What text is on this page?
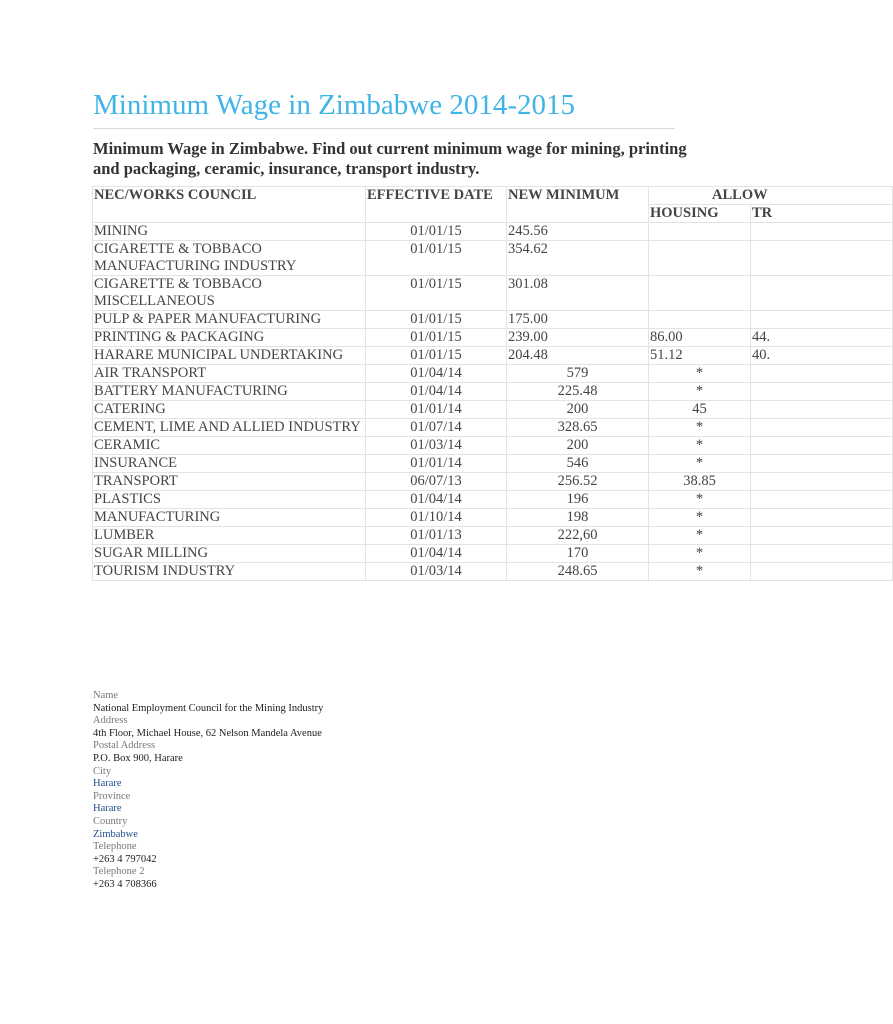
Minimum Wage in Zimbabwe 2014-2015

Minimum Wage in Zimbabwe. Find out current minimum wage for mining, printing and packaging, ceramic, insurance, transport industry.

NEC/WORKS COUNCIL	EFFECTIVE DATE	NEW MINIMUM	ALLOW	
			HOUSING	TR
MINING	01/01/15	245.56		
CIGARETTE & TOBBACO MANUFACTURING INDUSTRY	01/01/15	354.62		
CIGARETTE & TOBBACO MISCELLANEOUS	01/01/15	301.08		
PULP & PAPER MANUFACTURING	01/01/15	175.00		
PRINTING & PACKAGING	01/01/15	239.00	86.00	44.
HARARE MUNICIPAL UNDERTAKING	01/01/15	204.48	51.12	40.
AIR TRANSPORT	01/04/14	579	*	
BATTERY MANUFACTURING	01/04/14	225.48	*	
CATERING	01/01/14	200	45	
CEMENT, LIME AND ALLIED INDUSTRY	01/07/14	328.65	*	
CERAMIC	01/03/14	200	*	
INSURANCE	01/01/14	546	*	
TRANSPORT	06/07/13	256.52	38.85	
PLASTICS	01/04/14	196	*	
MANUFACTURING	01/10/14	198	*	
LUMBER	01/01/13	222,60	*	
SUGAR MILLING	01/04/14	170	*	
TOURISM INDUSTRY	01/03/14	248.65	*	
Name
National Employment Council for the Mining Industry
Address
4th Floor, Michael House, 62 Nelson Mandela Avenue
Postal Address
P.O. Box 900, Harare
City
Harare
Province
Harare
Country
Zimbabwe
Telephone
+263 4 797042
Telephone 2
+263 4 708366
